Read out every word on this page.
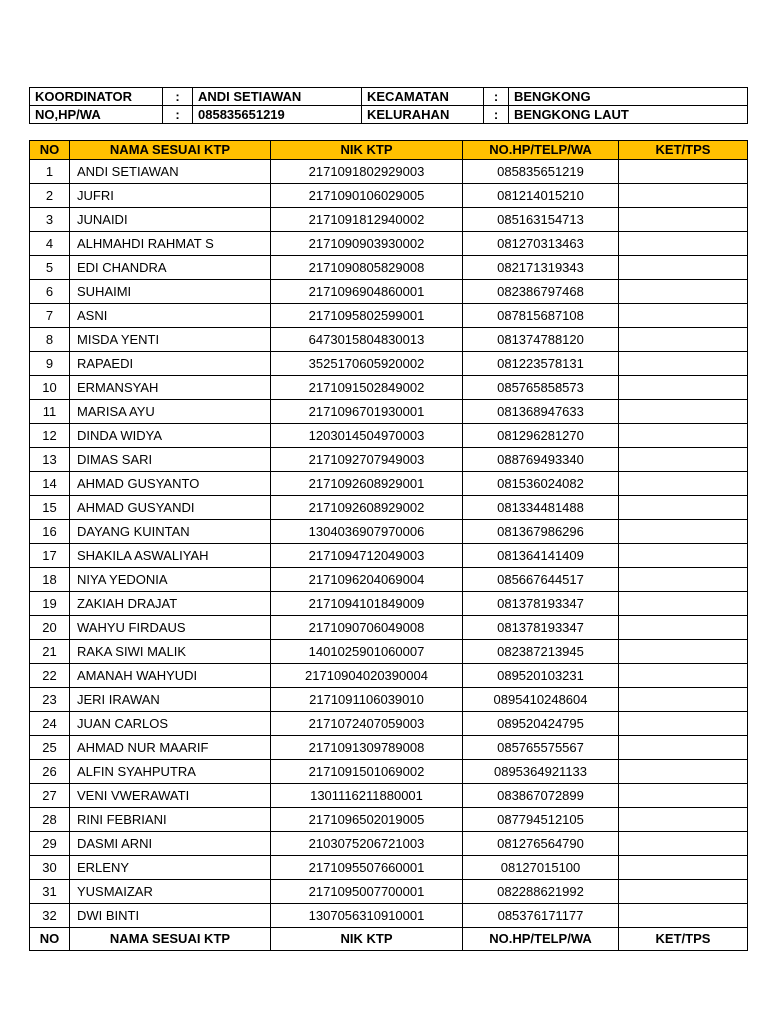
KOORDINATOR	:	ANDI SETIAWAN	KECAMATAN	:	BENGKONG
NO,HP/WA	:	085835651219	KELURAHAN	:	BENGKONG LAUT
NO	NAMA SESUAI KTP	NIK KTP	NO.HP/TELP/WA	KET/TPS
1	ANDI SETIAWAN	2171091802929003	085835651219	
2	JUFRI	2171090106029005	081214015210	
3	JUNAIDI	2171091812940002	085163154713	
4	ALHMAHDI RAHMAT S	2171090903930002	081270313463	
5	EDI CHANDRA	2171090805829008	082171319343	
6	SUHAIMI	2171096904860001	082386797468	
7	ASNI	2171095802599001	087815687108	
8	MISDA YENTI	6473015804830013	081374788120	
9	RAPAEDI	3525170605920002	081223578131	
10	ERMANSYAH	2171091502849002	085765858573	
11	MARISA AYU	2171096701930001	081368947633	
12	DINDA WIDYA	1203014504970003	081296281270	
13	DIMAS SARI	2171092707949003	088769493340	
14	AHMAD GUSYANTO	2171092608929001	081536024082	
15	AHMAD GUSYANDI	2171092608929002	081334481488	
16	DAYANG KUINTAN	1304036907970006	081367986296	
17	SHAKILA ASWALIYAH	2171094712049003	081364141409	
18	NIYA YEDONIA	2171096204069004	085667644517	
19	ZAKIAH DRAJAT	2171094101849009	081378193347	
20	WAHYU FIRDAUS	2171090706049008	081378193347	
21	RAKA SIWI MALIK	1401025901060007	082387213945	
22	AMANAH WAHYUDI	21710904020390004	089520103231	
23	JERI IRAWAN	2171091106039010	0895410248604	
24	JUAN CARLOS	2171072407059003	089520424795	
25	AHMAD NUR MAARIF	2171091309789008	085765575567	
26	ALFIN SYAHPUTRA	2171091501069002	0895364921133	
27	VENI VWERAWATI	1301116211880001	083867072899	
28	RINI FEBRIANI	2171096502019005	087794512105	
29	DASMI ARNI	2103075206721003	081276564790	
30	ERLENY	2171095507660001	08127015100	
31	YUSMAIZAR	2171095007700001	082288621992	
32	DWI BINTI	1307056310910001	085376171177	
NO	NAMA SESUAI KTP	NIK KTP	NO.HP/TELP/WA	KET/TPS
